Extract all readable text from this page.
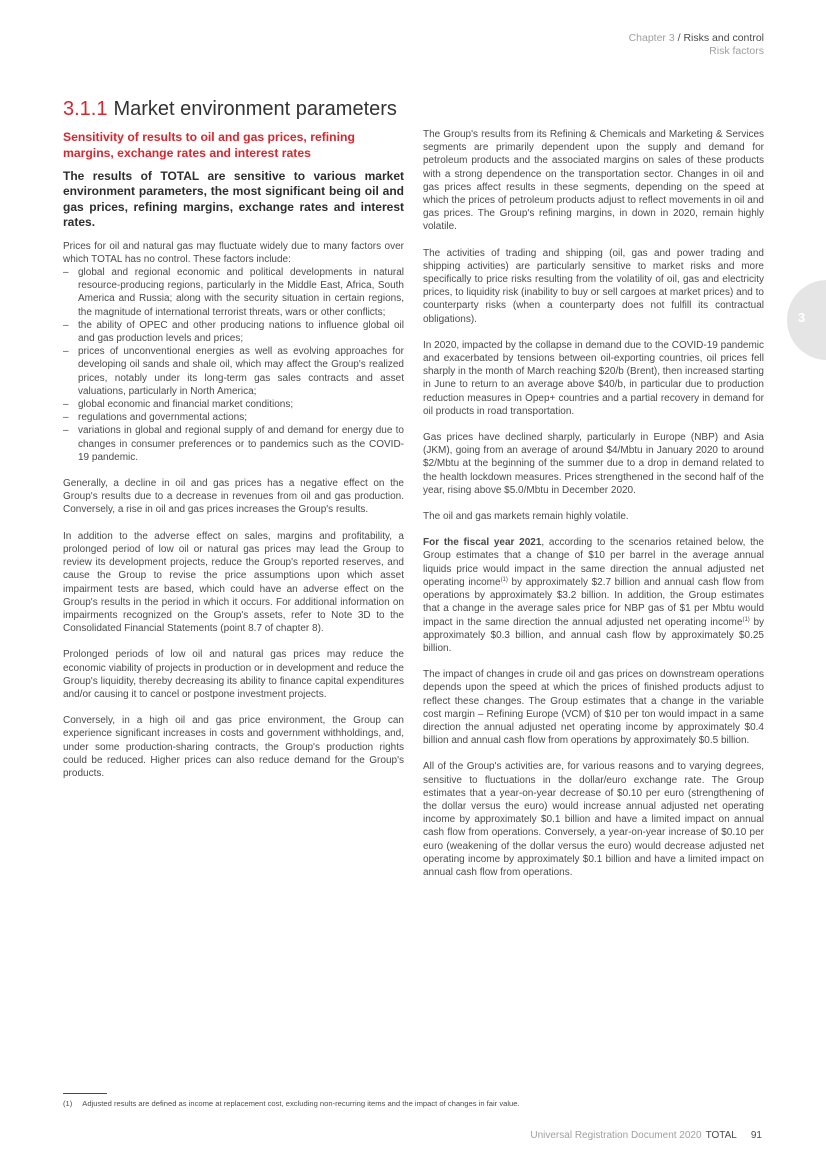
Chapter 3 / Risks and control
Risk factors
3.1.1 Market environment parameters
Sensitivity of results to oil and gas prices, refining margins, exchange rates and interest rates

The results of TOTAL are sensitive to various market environment parameters, the most significant being oil and gas prices, refining margins, exchange rates and interest rates.

Prices for oil and natural gas may fluctuate widely due to many factors over which TOTAL has no control. These factors include:

– global and regional economic and political developments in natural resource-producing regions, particularly in the Middle East, Africa, South America and Russia; along with the security situation in certain regions, the magnitude of international terrorist threats, wars or other conflicts;
– the ability of OPEC and other producing nations to influence global oil and gas production levels and prices;
– prices of unconventional energies as well as evolving approaches for developing oil sands and shale oil, which may affect the Group's realized prices, notably under its long-term gas sales contracts and asset valuations, particularly in North America;
– global economic and financial market conditions;
– regulations and governmental actions;
– variations in global and regional supply of and demand for energy due to changes in consumer preferences or to pandemics such as the COVID-19 pandemic.

Generally, a decline in oil and gas prices has a negative effect on the Group's results due to a decrease in revenues from oil and gas production. Conversely, a rise in oil and gas prices increases the Group's results.

In addition to the adverse effect on sales, margins and profitability, a prolonged period of low oil or natural gas prices may lead the Group to review its development projects, reduce the Group's reported reserves, and cause the Group to revise the price assumptions upon which asset impairment tests are based, which could have an adverse effect on the Group's results in the period in which it occurs. For additional information on impairments recognized on the Group's assets, refer to Note 3D to the Consolidated Financial Statements (point 8.7 of chapter 8).

Prolonged periods of low oil and natural gas prices may reduce the economic viability of projects in production or in development and reduce the Group's liquidity, thereby decreasing its ability to finance capital expenditures and/or causing it to cancel or postpone investment projects.

Conversely, in a high oil and gas price environment, the Group can experience significant increases in costs and government withholdings, and, under some production-sharing contracts, the Group's production rights could be reduced. Higher prices can also reduce demand for the Group's products.

The Group's results from its Refining & Chemicals and Marketing & Services segments are primarily dependent upon the supply and demand for petroleum products and the associated margins on sales of these products with a strong dependence on the transportation sector. Changes in oil and gas prices affect results in these segments, depending on the speed at which the prices of petroleum products adjust to reflect movements in oil and gas prices. The Group's refining margins, in down in 2020, remain highly volatile.

The activities of trading and shipping (oil, gas and power trading and shipping activities) are particularly sensitive to market risks and more specifically to price risks resulting from the volatility of oil, gas and electricity prices, to liquidity risk (inability to buy or sell cargoes at market prices) and to counterparty risks (when a counterparty does not fulfill its contractual obligations).

In 2020, impacted by the collapse in demand due to the COVID-19 pandemic and exacerbated by tensions between oil-exporting countries, oil prices fell sharply in the month of March reaching $20/b (Brent), then increased starting in June to return to an average above $40/b, in particular due to production reduction measures in Opep+ countries and a partial recovery in demand for oil products in road transportation.

Gas prices have declined sharply, particularly in Europe (NBP) and Asia (JKM), going from an average of around $4/Mbtu in January 2020 to around $2/Mbtu at the beginning of the summer due to a drop in demand related to the health lockdown measures. Prices strengthened in the second half of the year, rising above $5.0/Mbtu in December 2020.

The oil and gas markets remain highly volatile.

For the fiscal year 2021, according to the scenarios retained below, the Group estimates that a change of $10 per barrel in the average annual liquids price would impact in the same direction the annual adjusted net operating income$^{(1)}$ by approximately $2.7 billion and annual cash flow from operations by approximately $3.2 billion. In addition, the Group estimates that a change in the average sales price for NBP gas of $1 per Mbtu would impact in the same direction the annual adjusted net operating income$^{(1)}$ by approximately $0.3 billion, and annual cash flow by approximately $0.25 billion.

The impact of changes in crude oil and gas prices on downstream operations depends upon the speed at which the prices of finished products adjust to reflect these changes. The Group estimates that a change in the variable cost margin – Refining Europe (VCM) of $10 per ton would impact in a same direction the annual adjusted net operating income by approximately $0.4 billion and annual cash flow from operations by approximately $0.5 billion.

All of the Group's activities are, for various reasons and to varying degrees, sensitive to fluctuations in the dollar/euro exchange rate. The Group estimates that a year-on-year decrease of $0.10 per euro (strengthening of the dollar versus the euro) would increase annual adjusted net operating income by approximately $0.1 billion and have a limited impact on annual cash flow from operations. Conversely, a year-on-year increase of $0.10 per euro (weakening of the dollar versus the euro) would decrease adjusted net operating income by approximately $0.1 billion and have a limited impact on annual cash flow from operations.

3
(1) Adjusted results are defined as income at replacement cost, excluding non-recurring items and the impact of changes in fair value.
Universal Registration Document 2020 TOTAL 91
